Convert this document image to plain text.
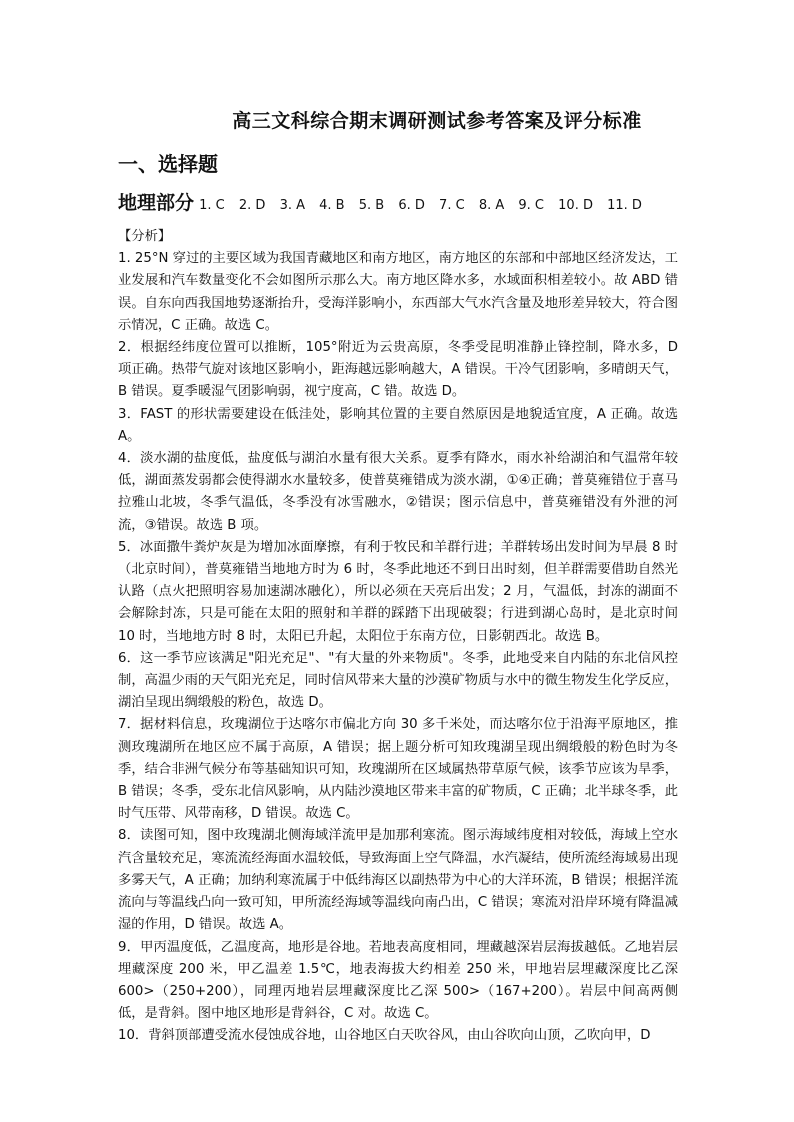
高三文科综合期末调研测试参考答案及评分标准
一、选择题
地理部分 1. C 2. D 3. A 4. B 5. B 6. D 7. C 8. A 9. C 10. D 11. D

【分析】

1. 25°N 穿过的主要区域为我国青藏地区和南方地区，南方地区的东部和中部地区经济发达，工业发展和汽车数量变化不会如图所示那么大。南方地区降水多，水域面积相差较小。故 ABD 错误。自东向西我国地势逐渐抬升，受海洋影响小，东西部大气水汽含量及地形差异较大，符合图示情况，C 正确。故选 C。

2．根据经纬度位置可以推断，105°附近为云贵高原，冬季受昆明准静止锋控制，降水多，D 项正确。热带气旋对该地区影响小，距海越远影响越大，A 错误。干冷气团影响，多晴朗天气，B 错误。夏季暖湿气团影响弱，视宁度高，C 错。故选 D。

3．FAST 的形状需要建设在低洼处，影响其位置的主要自然原因是地貌适宜度，A 正确。故选 A。

4．淡水湖的盐度低，盐度低与湖泊水量有很大关系。夏季有降水，雨水补给湖泊和气温常年较低，湖面蒸发弱都会使得湖水水量较多，使普莫雍错成为淡水湖，①④正确；普莫雍错位于喜马拉雅山北坡，冬季气温低，冬季没有冰雪融水，②错误；图示信息中，普莫雍错没有外泄的河流，③错误。故选 B 项。

5．冰面撒牛粪炉灰是为增加冰面摩擦，有利于牧民和羊群行进；羊群转场出发时间为早晨 8 时（北京时间），普莫雍错当地地方时为 6 时，冬季此地还不到日出时刻，但羊群需要借助自然光认路（点火把照明容易加速湖冰融化），所以必须在天亮后出发；2 月，气温低，封冻的湖面不会解除封冻，只是可能在太阳的照射和羊群的踩踏下出现破裂；行进到湖心岛时，是北京时间 10 时，当地地方时 8 时，太阳已升起，太阳位于东南方位，日影朝西北。故选 B。

6．这一季节应该满足"阳光充足"、"有大量的外来物质"。冬季，此地受来自内陆的东北信风控制，高温少雨的天气阳光充足，同时信风带来大量的沙漠矿物质与水中的微生物发生化学反应，湖泊呈现出绸缎般的粉色，故选 D。

7．据材料信息，玫瑰湖位于达喀尔市偏北方向 30 多千米处，而达喀尔位于沿海平原地区，推测玫瑰湖所在地区应不属于高原，A 错误；据上题分析可知玫瑰湖呈现出绸缎般的粉色时为冬季，结合非洲气候分布等基础知识可知，玫瑰湖所在区域属热带草原气候，该季节应该为旱季，B 错误；冬季，受东北信风影响，从内陆沙漠地区带来丰富的矿物质，C 正确；北半球冬季，此时气压带、风带南移，D 错误。故选 C。

8．读图可知，图中玫瑰湖北侧海域洋流甲是加那利寒流。图示海域纬度相对较低，海域上空水汽含量较充足，寒流流经海面水温较低，导致海面上空气降温，水汽凝结，使所流经海域易出现多雾天气，A 正确；加纳利寒流属于中低纬海区以副热带为中心的大洋环流，B 错误；根据洋流流向与等温线凸向一致可知，甲所流经海域等温线向南凸出，C 错误；寒流对沿岸环境有降温减湿的作用，D 错误。故选 A。

9．甲丙温度低，乙温度高，地形是谷地。若地表高度相同，埋藏越深岩层海拔越低。乙地岩层埋藏深度 200 米，甲乙温差 1.5℃，地表海拔大约相差 250 米，甲地岩层埋藏深度比乙深 600>（250+200），同理丙地岩层埋藏深度比乙深 500>（167+200）。岩层中间高两侧低，是背斜。图中地区地形是背斜谷，C 对。故选 C。

10．背斜顶部遭受流水侵蚀成谷地，山谷地区白天吹谷风，由山谷吹向山顶，乙吹向甲，D
